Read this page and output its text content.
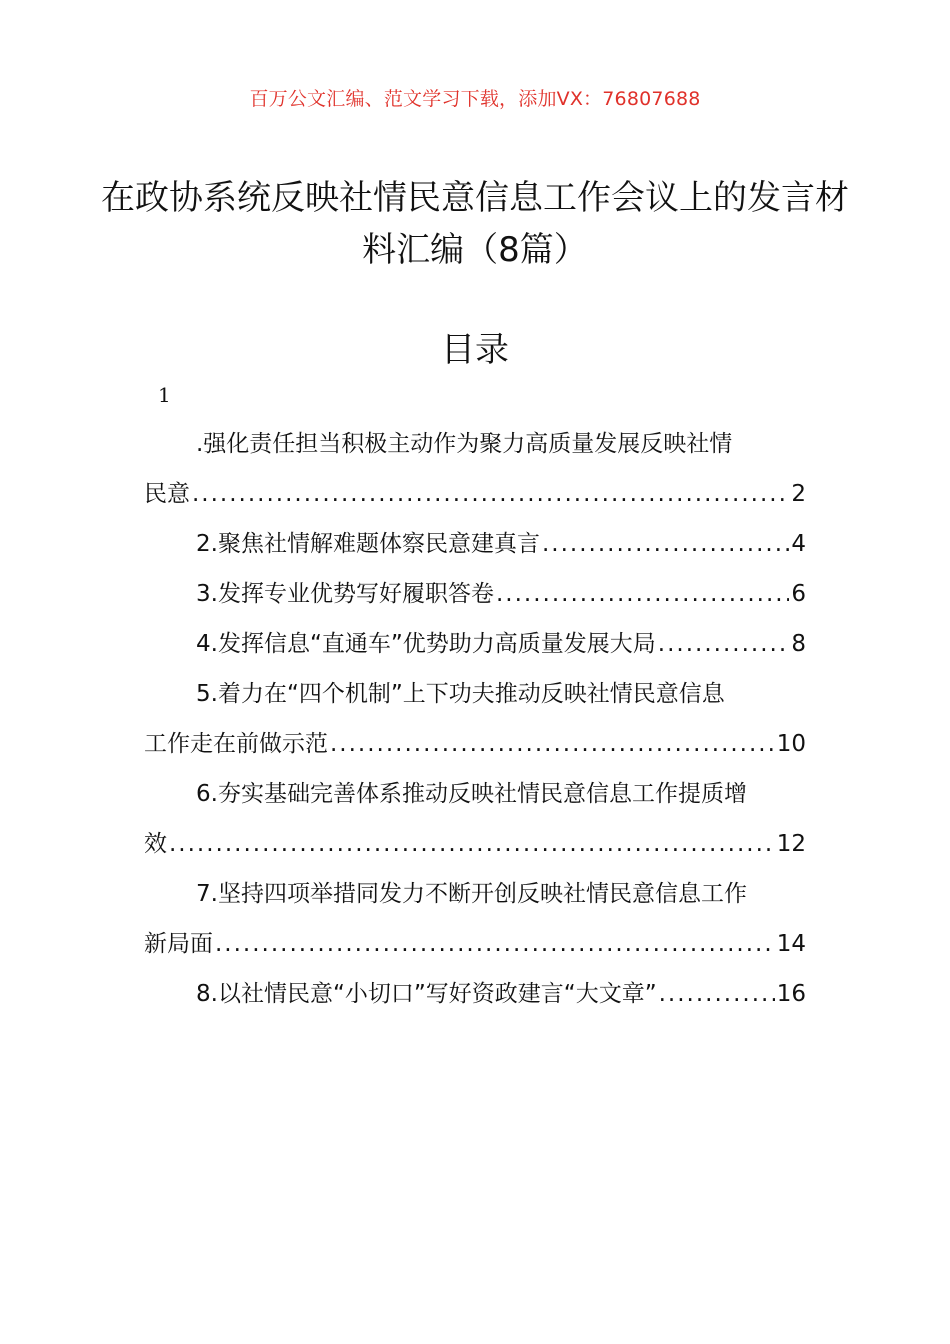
百万公文汇编、范文学习下载，添加VX：76807688
在政协系统反映社情民意信息工作会议上的发言材料汇编（8篇）
目录
1
.强化责任担当积极主动作为聚力高质量发展反映社情
民意 .....	2
2.聚焦社情解难题体察民意建真言 .....	4
3.发挥专业优势写好履职答卷 .....	6
4.发挥信息“直通车”优势助力高质量发展大局 .....	8
5.着力在“四个机制”上下功夫推动反映社情民意信息
工作走在前做示范 .....	10
6.夯实基础完善体系推动反映社情民意信息工作提质增
效 .....	12
7.坚持四项举措同发力不断开创反映社情民意信息工作
新局面 .....	14
8.以社情民意“小切口”写好资政建言“大文章” .....	16
